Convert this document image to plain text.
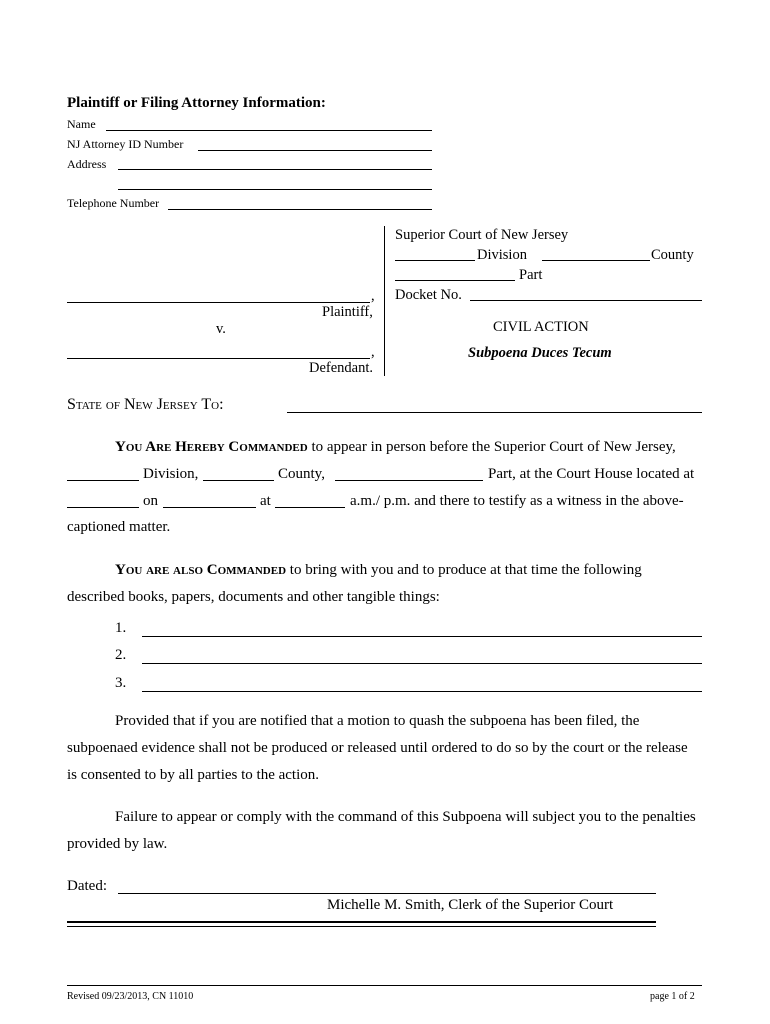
Plaintiff or Filing Attorney Information:
Name
NJ Attorney ID Number
Address
Telephone Number
,
Plaintiff,
v.
,
Defendant.
Superior Court of New Jersey
Division	County
Part
Docket No.
CIVIL ACTION
Subpoena Duces Tecum
State of New Jersey To:
You Are Hereby Commanded to appear in person before the Superior Court of New Jersey,
Division,	County,	Part, at the Court House located at
on	at	a.m./ p.m. and there to testify as a witness in the above-
captioned matter.
You are also Commanded to bring with you and to produce at that time the following
described books, papers, documents and other tangible things:
1.
2.
3.
Provided that if you are notified that a motion to quash the subpoena has been filed, the
subpoenaed evidence shall not be produced or released until ordered to do so by the court or the release
is consented to by all parties to the action.
Failure to appear or comply with the command of this Subpoena will subject you to the penalties
provided by law.
Dated:
Michelle M. Smith, Clerk of the Superior Court
Revised 09/23/2013, CN 11010	page 1 of 2
